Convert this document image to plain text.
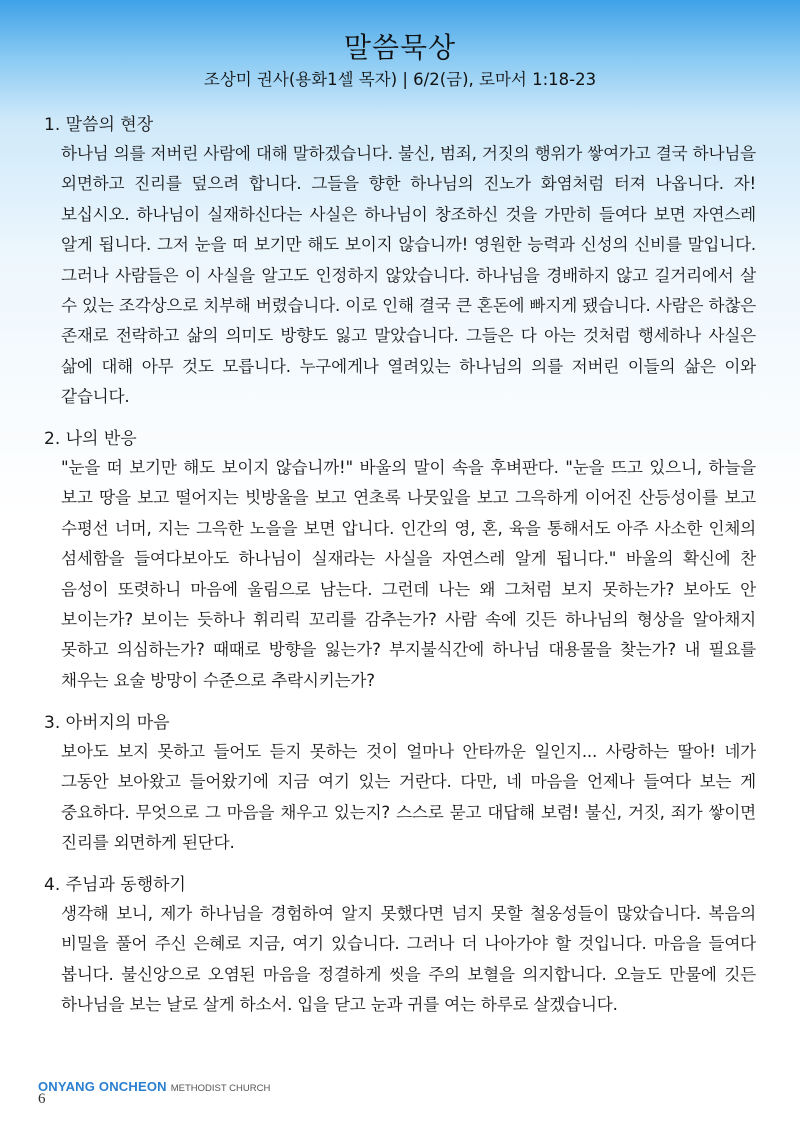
말씀묵상
조상미 권사(용화1셀 목자) | 6/2(금), 로마서 1:18-23
1. 말씀의 현장

하나님 의를 저버린 사람에 대해 말하겠습니다. 불신, 범죄, 거짓의 행위가 쌓여가고 결국 하나님을 외면하고 진리를 덮으려 합니다. 그들을 향한 하나님의 진노가 화염처럼 터져 나옵니다. 자! 보십시오. 하나님이 실재하신다는 사실은 하나님이 창조하신 것을 가만히 들여다 보면 자연스레 알게 됩니다. 그저 눈을 떠 보기만 해도 보이지 않습니까! 영원한 능력과 신성의 신비를 말입니다. 그러나 사람들은 이 사실을 알고도 인정하지 않았습니다. 하나님을 경배하지 않고 길거리에서 살 수 있는 조각상으로 치부해 버렸습니다. 이로 인해 결국 큰 혼돈에 빠지게 됐습니다. 사람은 하찮은 존재로 전락하고 삶의 의미도 방향도 잃고 말았습니다. 그들은 다 아는 것처럼 행세하나 사실은 삶에 대해 아무 것도 모릅니다. 누구에게나 열려있는 하나님의 의를 저버린 이들의 삶은 이와 같습니다.

2. 나의 반응

"눈을 떠 보기만 해도 보이지 않습니까!" 바울의 말이 속을 후벼판다. "눈을 뜨고 있으니, 하늘을 보고 땅을 보고 떨어지는 빗방울을 보고 연초록 나뭇잎을 보고 그윽하게 이어진 산등성이를 보고 수평선 너머, 지는 그윽한 노을을 보면 압니다. 인간의 영, 혼, 육을 통해서도 아주 사소한 인체의 섬세함을 들여다보아도 하나님이 실재라는 사실을 자연스레 알게 됩니다." 바울의 확신에 찬 음성이 또렷하니 마음에 울림으로 남는다. 그런데 나는 왜 그처럼 보지 못하는가? 보아도 안 보이는가? 보이는 듯하나 휘리릭 꼬리를 감추는가? 사람 속에 깃든 하나님의 형상을 알아채지 못하고 의심하는가? 때때로 방향을 잃는가? 부지불식간에 하나님 대용물을 찾는가? 내 필요를 채우는 요술 방망이 수준으로 추락시키는가?

3. 아버지의 마음

보아도 보지 못하고 들어도 듣지 못하는 것이 얼마나 안타까운 일인지... 사랑하는 딸아! 네가 그동안 보아왔고 들어왔기에 지금 여기 있는 거란다. 다만, 네 마음을 언제나 들여다 보는 게 중요하다. 무엇으로 그 마음을 채우고 있는지? 스스로 묻고 대답해 보렴! 불신, 거짓, 죄가 쌓이면 진리를 외면하게 된단다.

4. 주님과 동행하기

생각해 보니, 제가 하나님을 경험하여 알지 못했다면 넘지 못할 철옹성들이 많았습니다. 복음의 비밀을 풀어 주신 은혜로 지금, 여기 있습니다. 그러나 더 나아가야 할 것입니다. 마음을 들여다 봅니다. 불신앙으로 오염된 마음을 정결하게 씻을 주의 보혈을 의지합니다. 오늘도 만물에 깃든 하나님을 보는 날로 살게 하소서. 입을 닫고 눈과 귀를 여는 하루로 살겠습니다.

ONYANG ONCHEON METHODIST CHURCH
6
